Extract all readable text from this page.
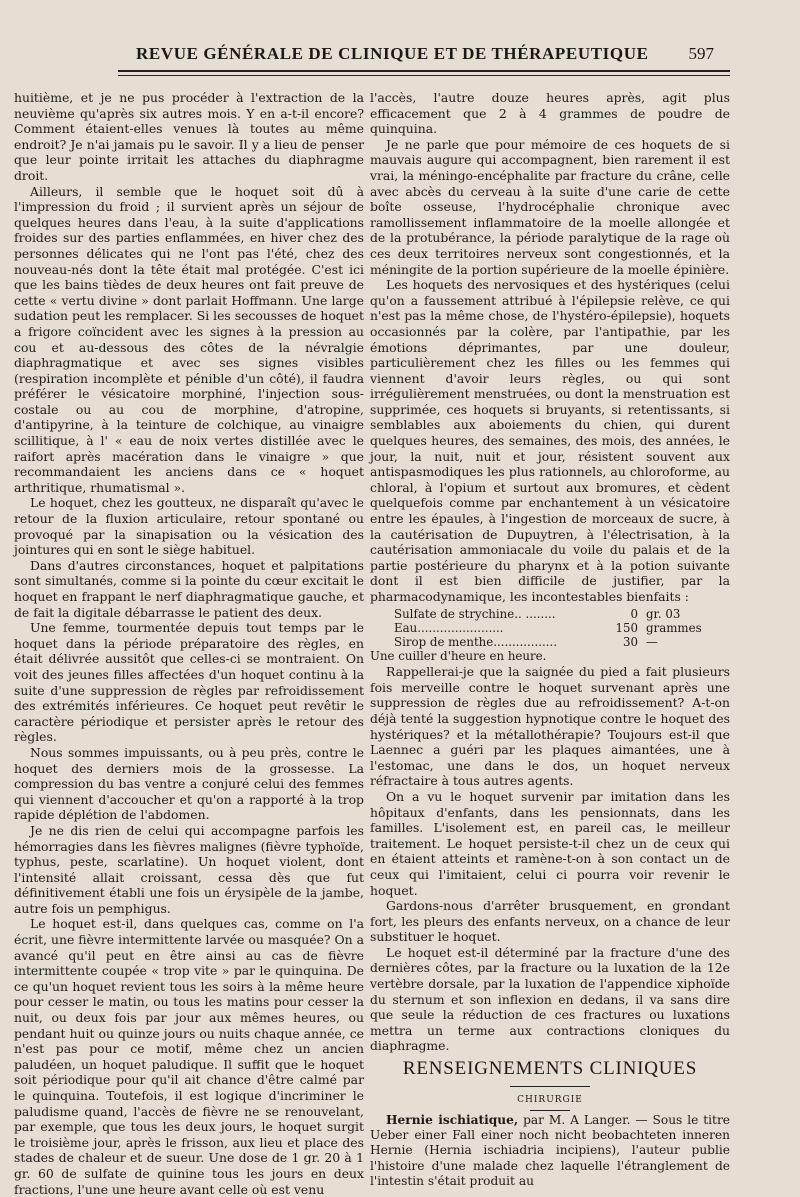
REVUE GÉNÉRALE DE CLINIQUE ET DE THÉRAPEUTIQUE 597

huitième, et je ne pus procéder à l'extraction de la neuvième qu'après six autres mois. Y en a-t-il encore? Comment étaient-elles venues là toutes au même endroit? Je n'ai jamais pu le savoir. Il y a lieu de penser que leur pointe irritait les attaches du diaphragme droit.

Ailleurs, il semble que le hoquet soit dû à l'impression du froid ; il survient après un séjour de quelques heures dans l'eau, à la suite d'applications froides sur des parties enflammées, en hiver chez des personnes délicates qui ne l'ont pas l'été, chez des nouveau-nés dont la tête était mal protégée. C'est ici que les bains tièdes de deux heures ont fait preuve de cette « vertu divine » dont parlait Hoffmann. Une large sudation peut les remplacer. Si les secousses de hoquet a frigore coïncident avec les signes à la pression au cou et au-dessous des côtes de la névralgie diaphragmatique et avec ses signes visibles (respiration incomplète et pénible d'un côté), il faudra préférer le vésicatoire morphiné, l'injection sous-costale ou au cou de morphine, d'atropine, d'antipyrine, à la teinture de colchique, au vinaigre scillitique, à l' « eau de noix vertes distillée avec le raifort après macération dans le vinaigre » que recommandaient les anciens dans ce « hoquet arthritique, rhumatismal ».

Le hoquet, chez les goutteux, ne disparaît qu'avec le retour de la fluxion articulaire, retour spontané ou provoqué par la sinapisation ou la vésication des jointures qui en sont le siège habituel.

Dans d'autres circonstances, hoquet et palpitations sont simultanés, comme si la pointe du cœur excitait le hoquet en frappant le nerf diaphragmatique gauche, et de fait la digitale débarrasse le patient des deux.

Une femme, tourmentée depuis tout temps par le hoquet dans la période préparatoire des règles, en était délivrée aussitôt que celles-ci se montraient. On voit des jeunes filles affectées d'un hoquet continu à la suite d'une suppression de règles par refroidissement des extrémités inférieures. Ce hoquet peut revêtir le caractère périodique et persister après le retour des règles.

Nous sommes impuissants, ou à peu près, contre le hoquet des derniers mois de la grossesse. La compression du bas ventre a conjuré celui des femmes qui viennent d'accoucher et qu'on a rapporté à la trop rapide déplétion de l'abdomen.

Je ne dis rien de celui qui accompagne parfois les hémorragies dans les fièvres malignes (fièvre typhoïde, typhus, peste, scarlatine). Un hoquet violent, dont l'intensité allait croissant, cessa dès que fut définitivement établi une fois un érysipèle de la jambe, autre fois un pemphigus.

Le hoquet est-il, dans quelques cas, comme on l'a écrit, une fièvre intermittente larvée ou masquée? On a avancé qu'il peut en être ainsi au cas de fièvre intermittente coupée « trop vite » par le quinquina. De ce qu'un hoquet revient tous les soirs à la même heure pour cesser le matin, ou tous les matins pour cesser la nuit, ou deux fois par jour aux mêmes heures, ou pendant huit ou quinze jours ou nuits chaque année, ce n'est pas pour ce motif, même chez un ancien paludéen, un hoquet paludique. Il suffit que le hoquet soit périodique pour qu'il ait chance d'être calmé par le quinquina. Toutefois, il est logique d'incriminer le paludisme quand, l'accès de fièvre ne se renouvelant, par exemple, que tous les deux jours, le hoquet surgit le troisième jour, après le frisson, aux lieu et place des stades de chaleur et de sueur. Une dose de 1 gr. 20 à 1 gr. 60 de sulfate de quinine tous les jours en deux fractions, l'une une heure avant celle où est venu

l'accès, l'autre douze heures après, agit plus efficacement que 2 à 4 grammes de poudre de quinquina.

Je ne parle que pour mémoire de ces hoquets de si mauvais augure qui accompagnent, bien rarement il est vrai, la méningo-encéphalite par fracture du crâne, celle avec abcès du cerveau à la suite d'une carie de cette boîte osseuse, l'hydrocéphalie chronique avec ramollissement inflammatoire de la moelle allongée et de la protubérance, la période paralytique de la rage où ces deux territoires nerveux sont congestionnés, et la méningite de la portion supérieure de la moelle épinière.

Les hoquets des nervosiques et des hystériques (celui qu'on a faussement attribué à l'épilepsie relève, ce qui n'est pas la même chose, de l'hystéro-épilepsie), hoquets occasionnés par la colère, par l'antipathie, par les émotions déprimantes, par une douleur, particulièrement chez les filles ou les femmes qui viennent d'avoir leurs règles, ou qui sont irrégulièrement menstruées, ou dont la menstruation est supprimée, ces hoquets si bruyants, si retentissants, si semblables aux aboiements du chien, qui durent quelques heures, des semaines, des mois, des années, le jour, la nuit, nuit et jour, résistent souvent aux antispasmodiques les plus rationnels, au chloroforme, au chloral, à l'opium et surtout aux bromures, et cèdent quelquefois comme par enchantement à un vésicatoire entre les épaules, à l'ingestion de morceaux de sucre, à la cautérisation de Dupuytren, à l'électrisation, à la cautérisation ammoniacale du voile du palais et de la partie postérieure du pharynx et à la potion suivante dont il est bien difficile de justifier, par la pharmacodynamique, les incontestables bienfaits :

Sulfate de strychine.. ........	0 gr. 03
Eau.......................	150 grammes
Sirop de menthe.................	30 —

Une cuiller d'heure en heure.

Rappellerai-je que la saignée du pied a fait plusieurs fois merveille contre le hoquet survenant après une suppression de règles due au refroidissement? A-t-on déjà tenté la suggestion hypnotique contre le hoquet des hystériques? et la métallothérapie? Toujours est-il que Laennec a guéri par les plaques aimantées, une à l'estomac, une dans le dos, un hoquet nerveux réfractaire à tous autres agents.

On a vu le hoquet survenir par imitation dans les hôpitaux d'enfants, dans les pensionnats, dans les familles. L'isolement est, en pareil cas, le meilleur traitement. Le hoquet persiste-t-il chez un de ceux qui en étaient atteints et ramène-t-on à son contact un de ceux qui l'imitaient, celui ci pourra voir revenir le hoquet.

Gardons-nous d'arrêter brusquement, en grondant fort, les pleurs des enfants nerveux, on a chance de leur substituer le hoquet.

Le hoquet est-il déterminé par la fracture d'une des dernières côtes, par la fracture ou la luxation de la 12e vertèbre dorsale, par la luxation de l'appendice xiphoïde du sternum et son inflexion en dedans, il va sans dire que seule la réduction de ces fractures ou luxations mettra un terme aux contractions cloniques du diaphragme.

RENSEIGNEMENTS CLINIQUES
CHIRURGIE

Hernie ischiatique, par M. A Langer. — Sous le titre Ueber einer Fall einer noch nicht beobachteten inneren Hernie (Hernia ischiadria incipiens), l'auteur publie l'histoire d'une malade chez laquelle l'étranglement de l'intestin s'était produit au
